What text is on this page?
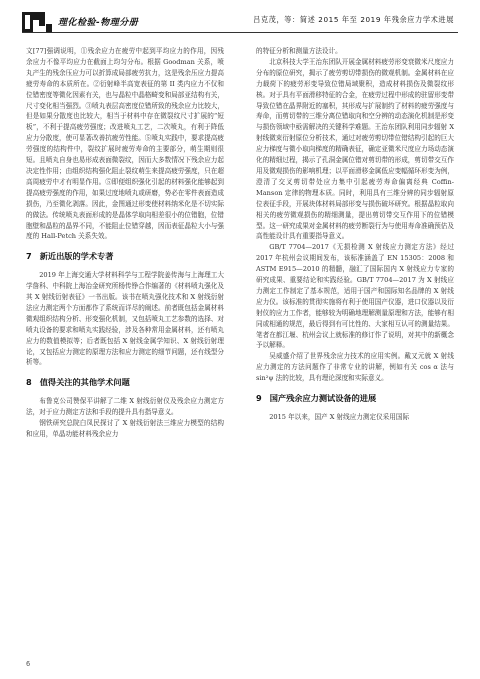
理化检验-物理分册	吕克茂，等：简述 2015 年至 2019 年残余应力学术进展

文[77]强调说明，①残余应力在疲劳中起到平均应力的作用，因残余应力不像平均应力在截面上均匀分布。根据 Goodman 关系，喷丸产生的残余压应力可以折算成局部疲劳抗力，这是残余压应力提高疲劳寿命的本质所在。②衍射峰半高宽表征的第 II 类内应力不仅和位错密度等微化因素有关，也与晶粒中晶格畸变和局部亚结构有关，尺寸变化相当强烈。③喷丸表层高密度位错所致的残余应力比较大，但是如果分散度也比较大，相当于材料中存在微裂纹尺寸扩展的“短板”，不利于提高疲劳强度；改进喷丸工艺，二次喷丸，有利于降低应力分散度，使可显著改善抗疲劳性能。⑤喷丸实践中，要求提高疲劳强度的结构件中，裂纹扩展时疲劳寿命的主要部分，萌生期则很短。且喷丸自身也易形成表面微裂纹，因而大多数情况下残余应力起决定性作用；由组织结构强化阻止裂纹萌生来提高疲劳强度，只在超高周疲劳中才有明显作用。⑤即便组织强化引起的材料强化能够起到提高疲劳强度的作用，如果过度地喷丸或研磨，势必在零件表面造成损伤，乃至微化剥落。因此，金图通过形变使材料纳米化是不切实际的做法。传统喷丸表面形成的是晶体学取向相差很小的位错胞，位错胞壁和晶粒的晶界不同，不能阻止位错穿越，因而表征晶粒大小与强度的 Hall-Petch 关系失效。

7 新近出版的学术专著

2019 年上海交通大学材料科学与工程学院姜传海与上海理工大学詹科、中科院上海冶金研究所杨传铮合作编著的《材料喷丸强化及其 X 射线衍射表征》一书出版。该书在喷丸强化技术和 X 射线衍射法应力测定两个方面都作了系统而详尽的阐述。前者既包括金属材料微观组织结构分析、形变强化机制，又包括喷丸工艺参数的选择、对喷丸设备的要求和喷丸实践经验，涉及各种常用金属材料，还有喷丸应力的数值模拟等；后者既包括 X 射线金属学知识、X 射线衍射理论，又包括应力测定的原理方法和应力测定的细节问题，还有线型分析等。

8 值得关注的其他学术问题

布鲁克公司赞保平讲解了二维 X 射线衍射仪及残余应力测定方法，对于应力测定方法和手段的提升具有指导意义。

钢铁研究总院白凤民探讨了 X 射线衍射法三维应力模型的结构和应用，单晶功能材料残余应力

的特征分析和测量方法设计。

北京科技大学王治东团队开展金属材料疲劳形变衰微米尺度应力分布的原位研究，揭示了疲劳剪切带损伤的微观机制。金属材料在应力载荷下的疲劳形变导致位错局域聚积，造成材料损伤及微裂纹形核。对于具有平面滑移特征的合金，在疲劳过程中形成的驻留形变带导致位错在晶界附近的塞积，其形成与扩展制约了材料的疲劳强度与寿命，而剪切带的三维分离位错取向和空分辨的动态演化机制是形变与损伤领域中亟需解决的关键科学难题。王治东团队利用同步辐射 X 射线微束衍射原位分析技术，通过对疲劳剪切带位错结构引起的巨大应力梯度与微小取向梯度的精确表征，确定亚微米尺度应力场动态演化的精细过程，揭示了孔洞金属位错对剪切带的形成，剪切带交互作用及微观损伤的影响机理；以平面滑移金属低应变幅循环形变为例，澄清了交叉剪切带处应力集中引起疲劳寿命偏离经典 Coffin-Manson 定律的物理本质。同时，利用具有三维分辨的同步辐射原位表征手段，开展块体材料局部形变与损伤破坏研究。根据晶粒取向相关的疲劳微观损伤的精细测量，提出剪切带交互作用下的位错模型。这一研究成果对金属材料的疲劳断裂行为与使用寿命准确预估及高性能设计具有重要指导意义。

GB/T 7704—2017《无损检测 X 射线应力测定方法》经过 2017 年杭州会议期间发布，该标准涵盖了 EN 15305：2008 和 ASTM E915—2010 的精髓，融汇了国际国内 X 射线应力专家的研究成果、重要结论和实践经验。GB/T 7704—2017 为 X 射线应力测定工作制定了基本规范，适用于国产和国际知名品牌的 X 射线应力仪。该标准的贯彻实施将有利于使用国产仪器，进口仪器以及衍射仪的应力工作者，能够较为明确地理解测量原理和方法，能够有相同或相通的规范，最后得到有可比性的、大家相互认可的测量结果。笔者在都江堰、杭州会议上就标准的修订作了说明，对其中的新概念予以解释。

吴威盛介绍了世界残余应力技术的应用实例。戴又元就 X 射线应力测定的方法问题作了非常专业的讲解，例如有关 cos α 法与 sin²ψ 法的比较，具有理论深度和实际意义。

9 国产残余应力测试设备的进展

2015 年以来，国产 X 射线应力测定仪采用国际

6
